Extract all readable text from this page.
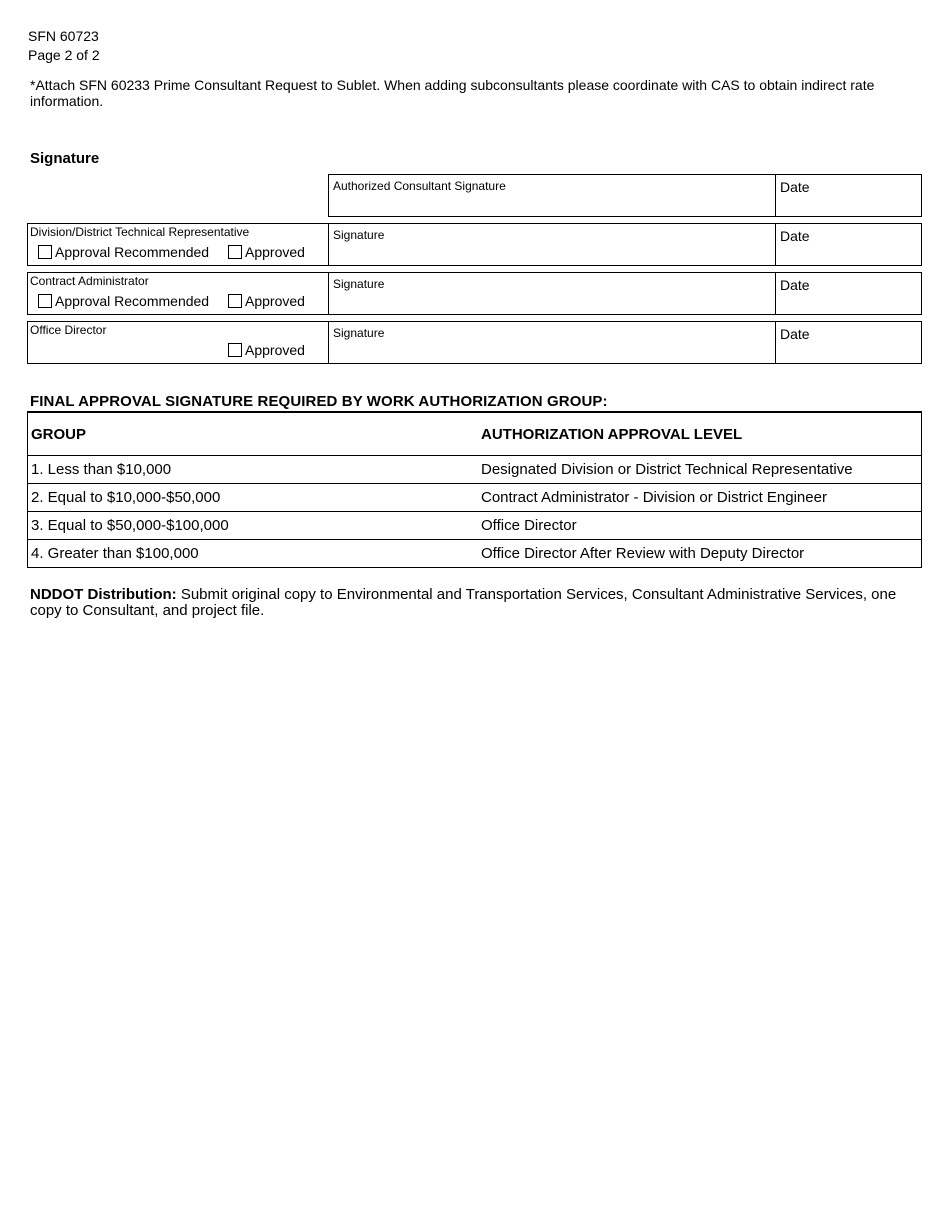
SFN 60723
Page 2 of 2
*Attach SFN 60233 Prime Consultant Request to Sublet. When adding subconsultants please coordinate with CAS to obtain indirect rate information.
Signature
Authorized Consultant Signature	Date
Division/District Technical Representative
Approval Recommended	Approved
Signature	Date
Contract Administrator
Approval Recommended	Approved
Signature	Date
Office Director
Approved
Signature	Date
FINAL APPROVAL SIGNATURE REQUIRED BY WORK AUTHORIZATION GROUP:
GROUP	AUTHORIZATION APPROVAL LEVEL
1. Less than $10,000	Designated Division or District Technical Representative
2. Equal to $10,000-$50,000	Contract Administrator - Division or District Engineer
3. Equal to $50,000-$100,000	Office Director
4. Greater than $100,000	Office Director After Review with Deputy Director
NDDOT Distribution: Submit original copy to Environmental and Transportation Services, Consultant Administrative Services, one copy to Consultant, and project file.
